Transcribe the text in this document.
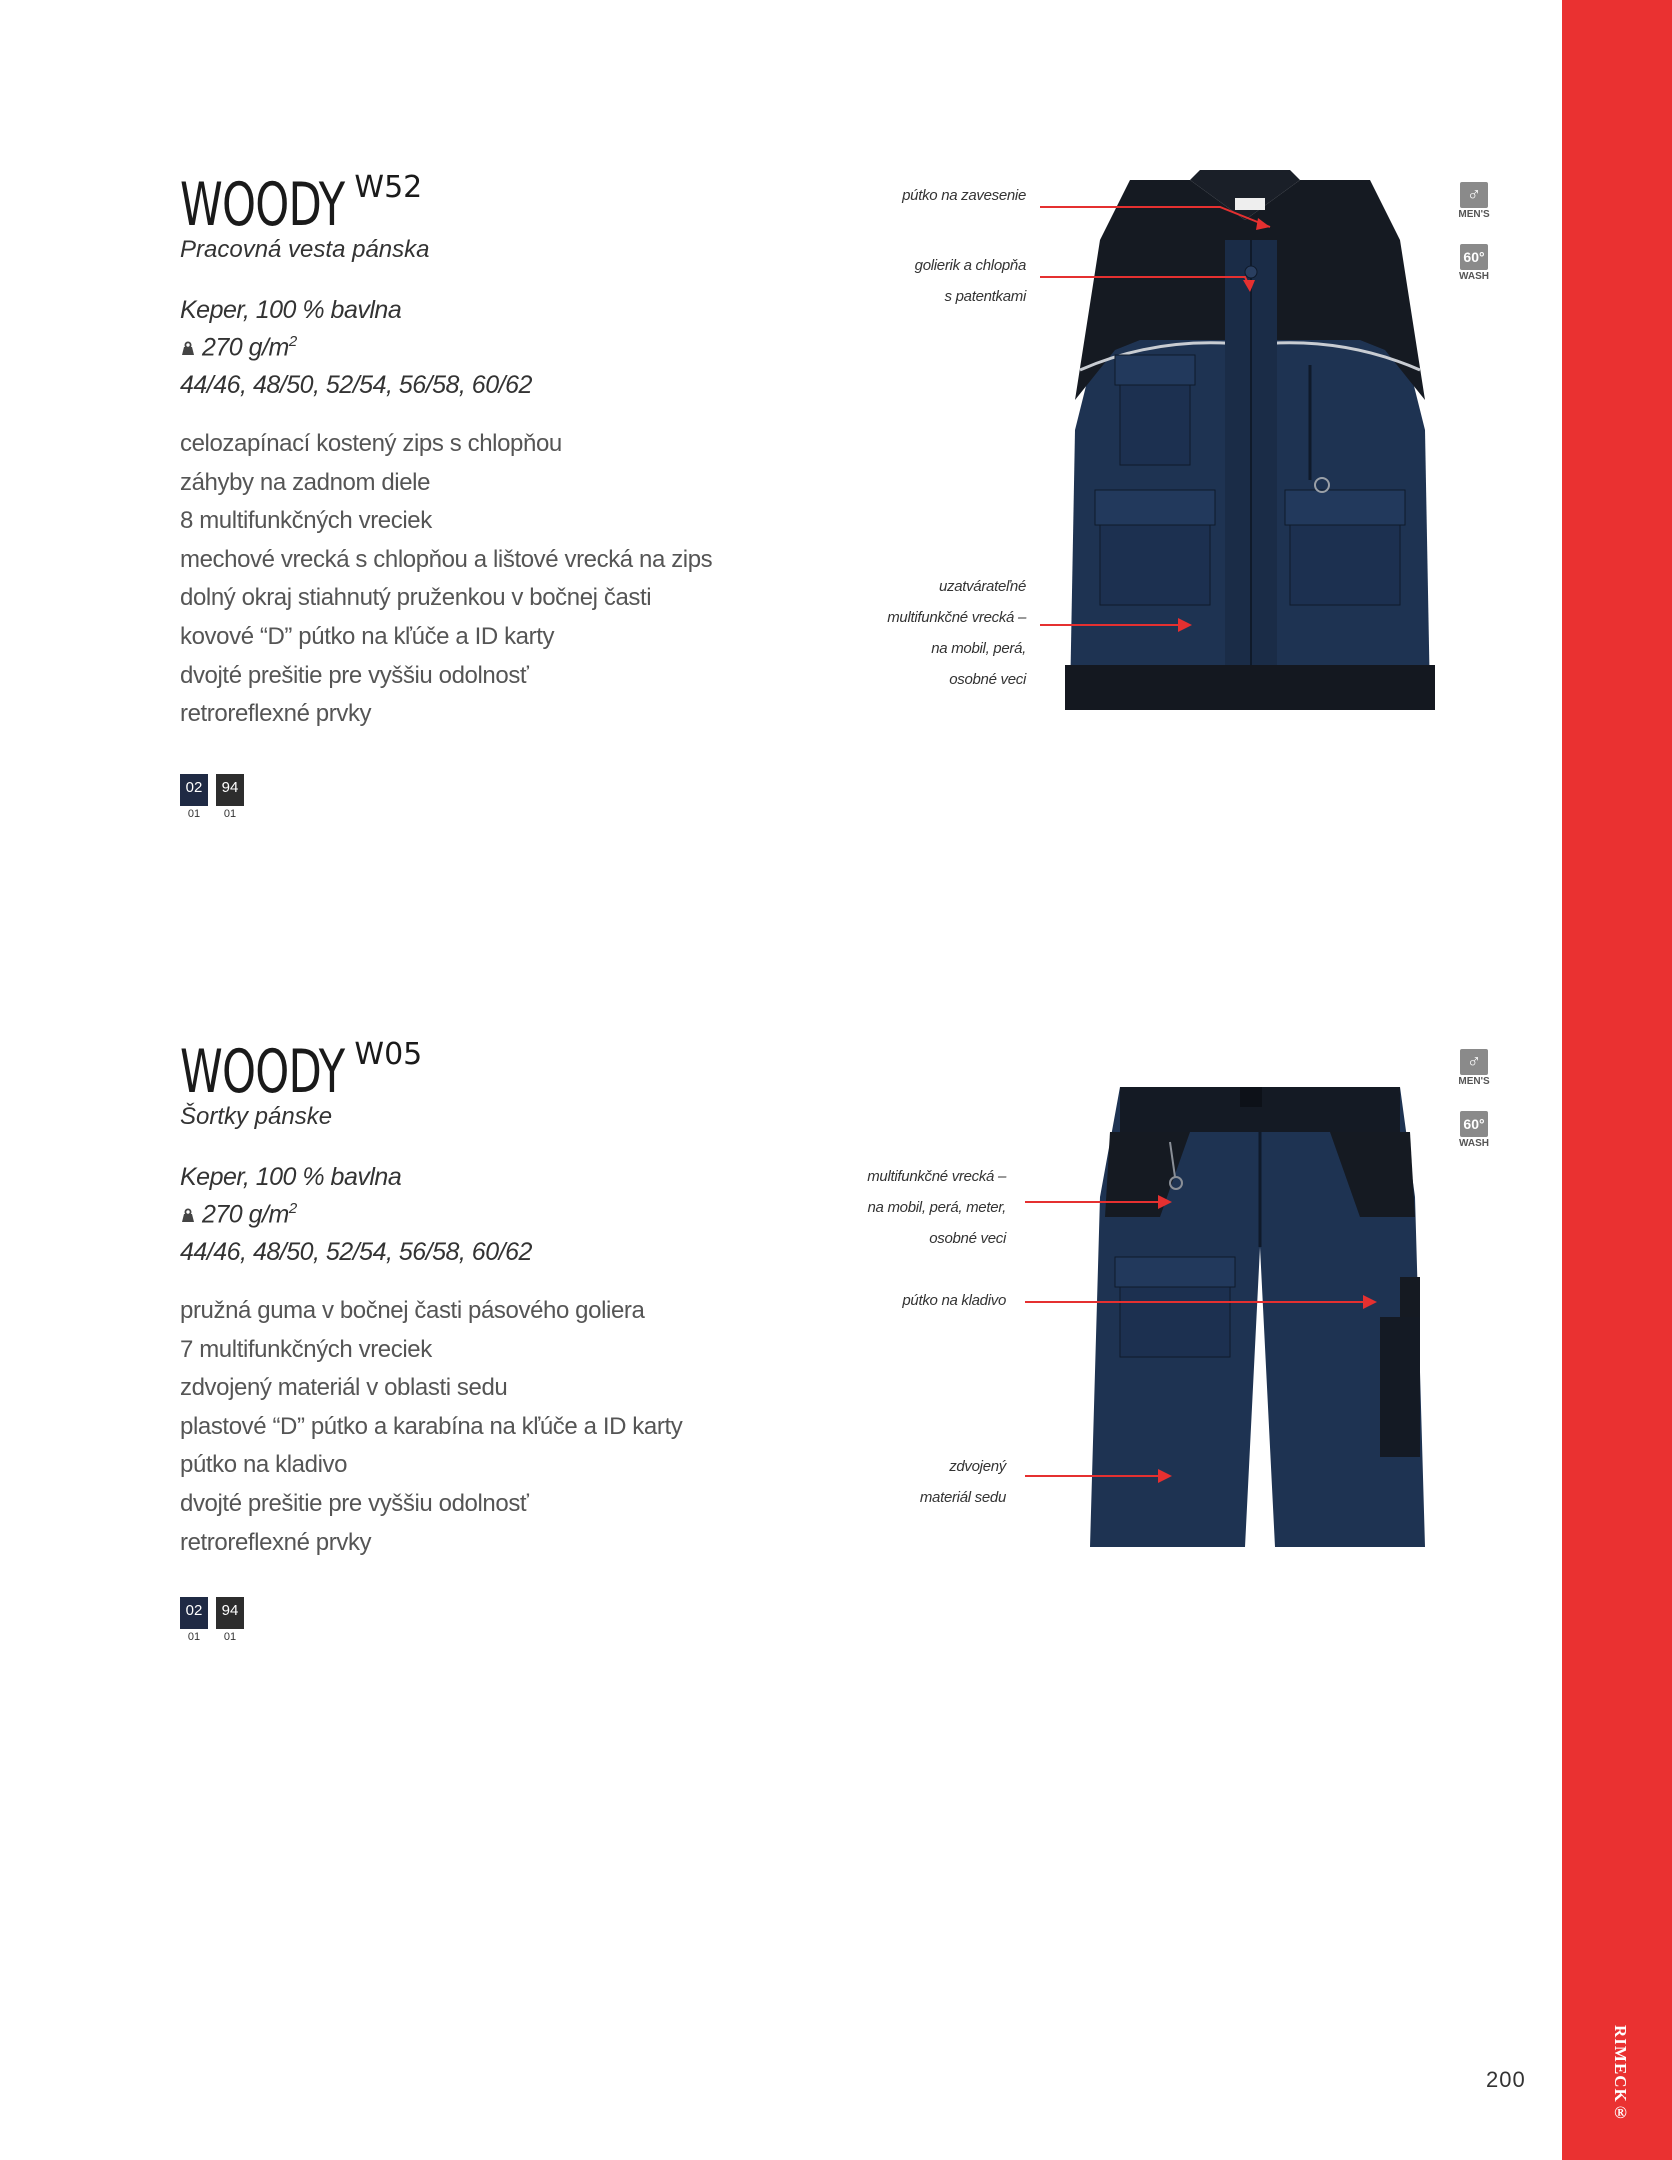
RIMECK®
200
WOODY W52
Pracovná vesta pánska
Keper, 100 % bavlna
270 $g/m^2$
44/46, 48/50, 52/54, 56/58, 60/62
celozapínací kostený zips s chlopňou
záhyby na zadnom diele
8 multifunkčných vreciek
mechové vrecká s chlopňou a lištové vrecká na zips
dolný okraj stiahnutý pruženkou v bočnej časti
kovové “D” pútko na kľúče a ID karty
dvojté prešitie pre vyššiu odolnosť
retroreflexné prvky
02
01
94
01
pútko na zavesenie
golierik a chlopňa
s patentkami
uzatvárateľné
multifunkčné vrecká –
na mobil, perá,
osobné veci
♂
MEN'S
60°
WASH
WOODY W05
Šortky pánske
Keper, 100 % bavlna
270 $g/m^2$
44/46, 48/50, 52/54, 56/58, 60/62
pružná guma v bočnej časti pásového goliera
7 multifunkčných vreciek
zdvojený materiál v oblasti sedu
plastové “D” pútko a karabína na kľúče a ID karty
pútko na kladivo
dvojté prešitie pre vyššiu odolnosť
retroreflexné prvky
02
01
94
01
multifunkčné vrecká –
na mobil, perá, meter,
osobné veci
pútko na kladivo
zdvojený
materiál sedu
♂
MEN'S
60°
WASH
